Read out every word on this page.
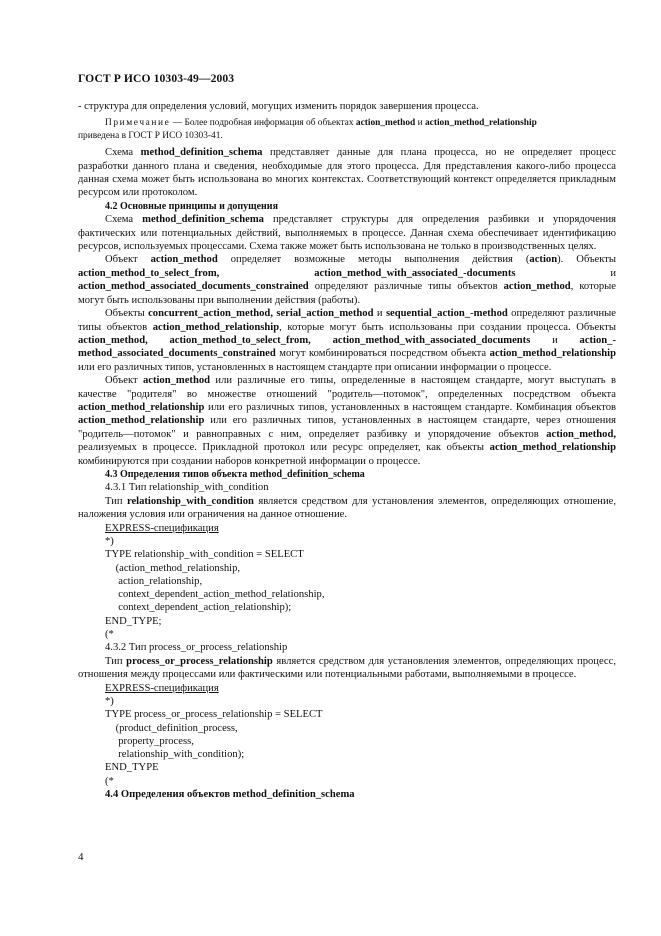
ГОСТ Р ИСО 10303-49—2003

- структура для определения условий, могущих изменить порядок завершения процесса.

Примечание — Более подробная информация об объектах action_method и action_method_relationship

приведена в ГОСТ Р ИСО 10303-41.

Схема method_definition_schema представляет данные для плана процесса, но не определяет процесс разработки данного плана и сведения, необходимые для этого процесса. Для представления какого-либо процесса данная схема может быть использована во многих контекстах. Соответствующий контекст определяется прикладным ресурсом или протоколом.

4.2 Основные принципы и допущения

Схема method_definition_schema представляет структуры для определения разбивки и упорядочения фактических или потенциальных действий, выполняемых в процессе. Данная схема обеспечивает идентификацию ресурсов, используемых процессами. Схема также может быть использована не только в производственных целях.

Объект action_method определяет возможные методы выполнения действия (action). Объекты action_method_to_select_from,	action_method_with_associated_-documents и action_method_associated_documents_constrained определяют различные типы объектов action_method, которые могут быть использованы при выполнении действия (работы).

Объекты concurrent_action_method, serial_action_method и sequential_action_-method определяют различные типы объектов action_method_relationship, которые могут быть использованы при создании процесса. Объекты action_method, action_method_to_select_from, action_method_with_associated_documents и action_-method_associated_documents_constrained могут комбинироваться посредством объекта action_method_relationship или его различных типов, установленных в настоящем стандарте при описании информации о процессе.

Объект action_method или различные его типы, определенные в настоящем стандарте, могут выступать в качестве "родителя" во множестве отношений "родитель—потомок", определенных посредством объекта action_method_relationship или его различных типов, установленных в настоящем стандарте. Комбинация объектов action_method_relationship или его различных типов, установленных в настоящем стандарте, через отношения "родитель—потомок" и равноправных с ним, определяет разбивку и упорядочение объектов action_method, реализуемых в процессе. Прикладной протокол или ресурс определяет, как объекты action_method_relationship комбинируются при создании наборов конкретной информации о процессе.

4.3 Определения типов объекта method_definition_schema

4.3.1 Тип relationship_with_condition

Тип relationship_with_condition является средством для установления элементов, определяющих отношение, наложения условия или ограничения на данное отношение.

EXPRESS-спецификация

*)
TYPE relationship_with_condition = SELECT
(action_method_relationship,
action_relationship,
context_dependent_action_method_relationship,
context_dependent_action_relationship);
END_TYPE;
(*

4.3.2 Тип process_or_process_relationship

Тип process_or_process_relationship является средством для установления элементов, определяющих процесс, отношения между процессами или фактическими или потенциальными работами, выполняемыми в процессе.

EXPRESS-спецификация

*)
TYPE process_or_process_relationship = SELECT
(product_definition_process,
property_process,
relationship_with_condition);
END_TYPE
(*

4.4 Определения объектов method_definition_schema

4
